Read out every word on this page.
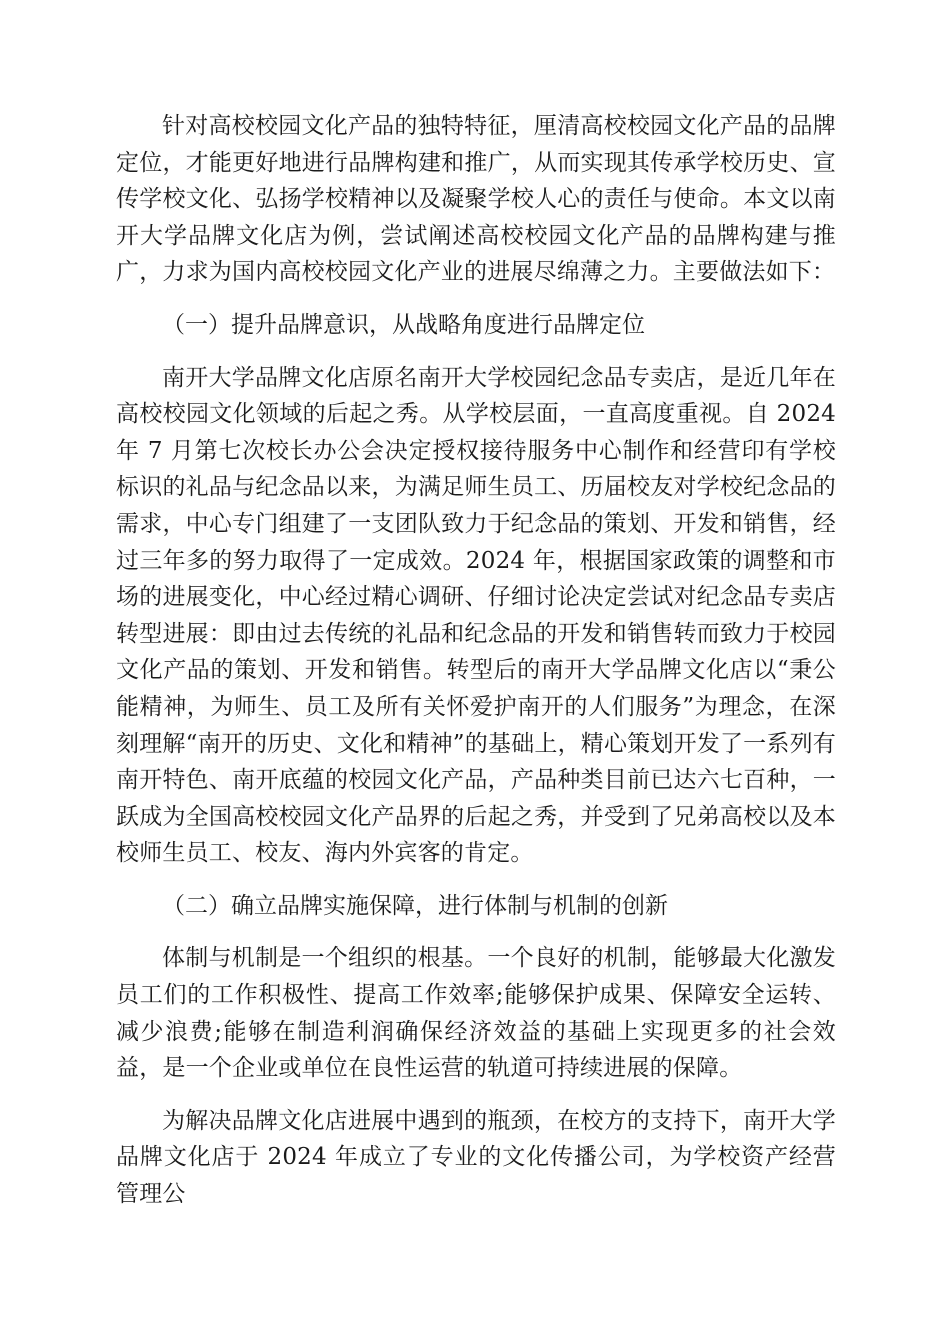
针对高校校园文化产品的独特特征，厘清高校校园文化产品的品牌定位，才能更好地进行品牌构建和推广，从而实现其传承学校历史、宣传学校文化、弘扬学校精神以及凝聚学校人心的责任与使命。本文以南开大学品牌文化店为例，尝试阐述高校校园文化产品的品牌构建与推广，力求为国内高校校园文化产业的进展尽绵薄之力。主要做法如下：

（一）提升品牌意识，从战略角度进行品牌定位

南开大学品牌文化店原名南开大学校园纪念品专卖店，是近几年在高校校园文化领域的后起之秀。从学校层面，一直高度重视。自 2024 年 7 月第七次校长办公会决定授权接待服务中心制作和经营印有学校标识的礼品与纪念品以来，为满足师生员工、历届校友对学校纪念品的需求，中心专门组建了一支团队致力于纪念品的策划、开发和销售，经过三年多的努力取得了一定成效。2024 年，根据国家政策的调整和市场的进展变化，中心经过精心调研、仔细讨论决定尝试对纪念品专卖店转型进展：即由过去传统的礼品和纪念品的开发和销售转而致力于校园文化产品的策划、开发和销售。转型后的南开大学品牌文化店以“秉公能精神，为师生、员工及所有关怀爱护南开的人们服务”为理念，在深刻理解“南开的历史、文化和精神”的基础上，精心策划开发了一系列有南开特色、南开底蕴的校园文化产品，产品种类目前已达六七百种，一跃成为全国高校校园文化产品界的后起之秀，并受到了兄弟高校以及本校师生员工、校友、海内外宾客的肯定。

（二）确立品牌实施保障，进行体制与机制的创新

体制与机制是一个组织的根基。一个良好的机制，能够最大化激发员工们的工作积极性、提高工作效率;能够保护成果、保障安全运转、减少浪费;能够在制造利润确保经济效益的基础上实现更多的社会效益，是一个企业或单位在良性运营的轨道可持续进展的保障。

为解决品牌文化店进展中遇到的瓶颈，在校方的支持下，南开大学品牌文化店于 2024 年成立了专业的文化传播公司，为学校资产经营管理公
